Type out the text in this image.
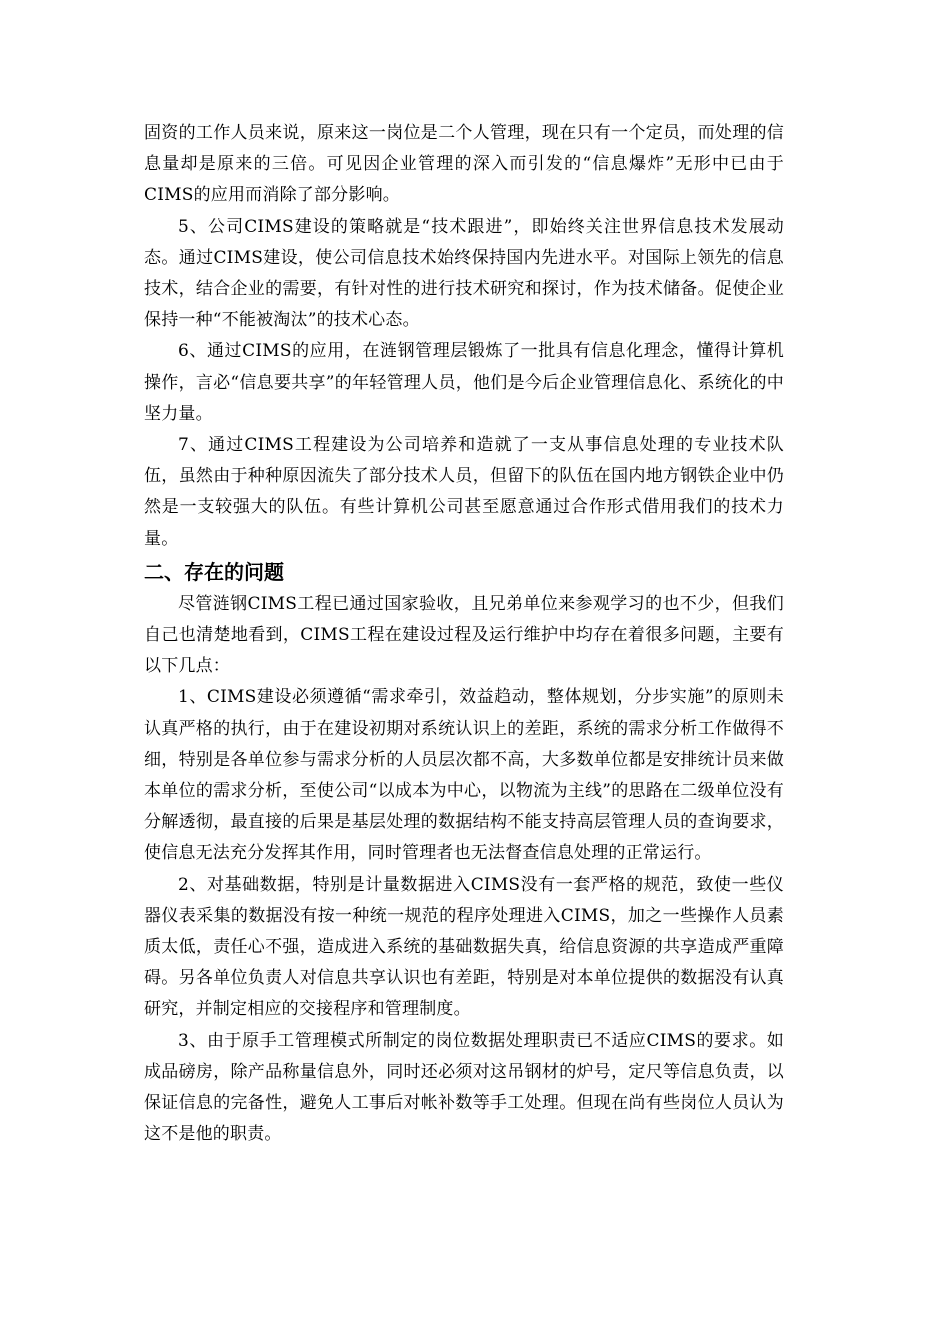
固资的工作人员来说，原来这一岗位是二个人管理，现在只有一个定员，而处理的信息量却是原来的三倍。可见因企业管理的深入而引发的“信息爆炸”无形中已由于CIMS的应用而消除了部分影响。

5、公司CIMS建设的策略就是“技术跟进”，即始终关注世界信息技术发展动态。通过CIMS建设，使公司信息技术始终保持国内先进水平。对国际上领先的信息技术，结合企业的需要，有针对性的进行技术研究和探讨，作为技术储备。促使企业保持一种“不能被淘汰”的技术心态。

6、通过CIMS的应用，在涟钢管理层锻炼了一批具有信息化理念，懂得计算机操作，言必“信息要共享”的年轻管理人员，他们是今后企业管理信息化、系统化的中坚力量。

7、通过CIMS工程建设为公司培养和造就了一支从事信息处理的专业技术队伍，虽然由于种种原因流失了部分技术人员，但留下的队伍在国内地方钢铁企业中仍然是一支较强大的队伍。有些计算机公司甚至愿意通过合作形式借用我们的技术力量。

二、存在的问题

尽管涟钢CIMS工程已通过国家验收，且兄弟单位来参观学习的也不少，但我们自己也清楚地看到，CIMS工程在建设过程及运行维护中均存在着很多问题，主要有以下几点：

1、CIMS建设必须遵循“需求牵引，效益趋动，整体规划，分步实施”的原则未认真严格的执行，由于在建设初期对系统认识上的差距，系统的需求分析工作做得不细，特别是各单位参与需求分析的人员层次都不高，大多数单位都是安排统计员来做本单位的需求分析，至使公司“以成本为中心，以物流为主线”的思路在二级单位没有分解透彻，最直接的后果是基层处理的数据结构不能支持高层管理人员的查询要求，使信息无法充分发挥其作用，同时管理者也无法督查信息处理的正常运行。

2、对基础数据，特别是计量数据进入CIMS没有一套严格的规范，致使一些仪器仪表采集的数据没有按一种统一规范的程序处理进入CIMS，加之一些操作人员素质太低，责任心不强，造成进入系统的基础数据失真，给信息资源的共享造成严重障碍。另各单位负责人对信息共享认识也有差距，特别是对本单位提供的数据没有认真研究，并制定相应的交接程序和管理制度。

3、由于原手工管理模式所制定的岗位数据处理职责已不适应CIMS的要求。如成品磅房，除产品称量信息外，同时还必须对这吊钢材的炉号，定尺等信息负责，以保证信息的完备性，避免人工事后对帐补数等手工处理。但现在尚有些岗位人员认为这不是他的职责。
